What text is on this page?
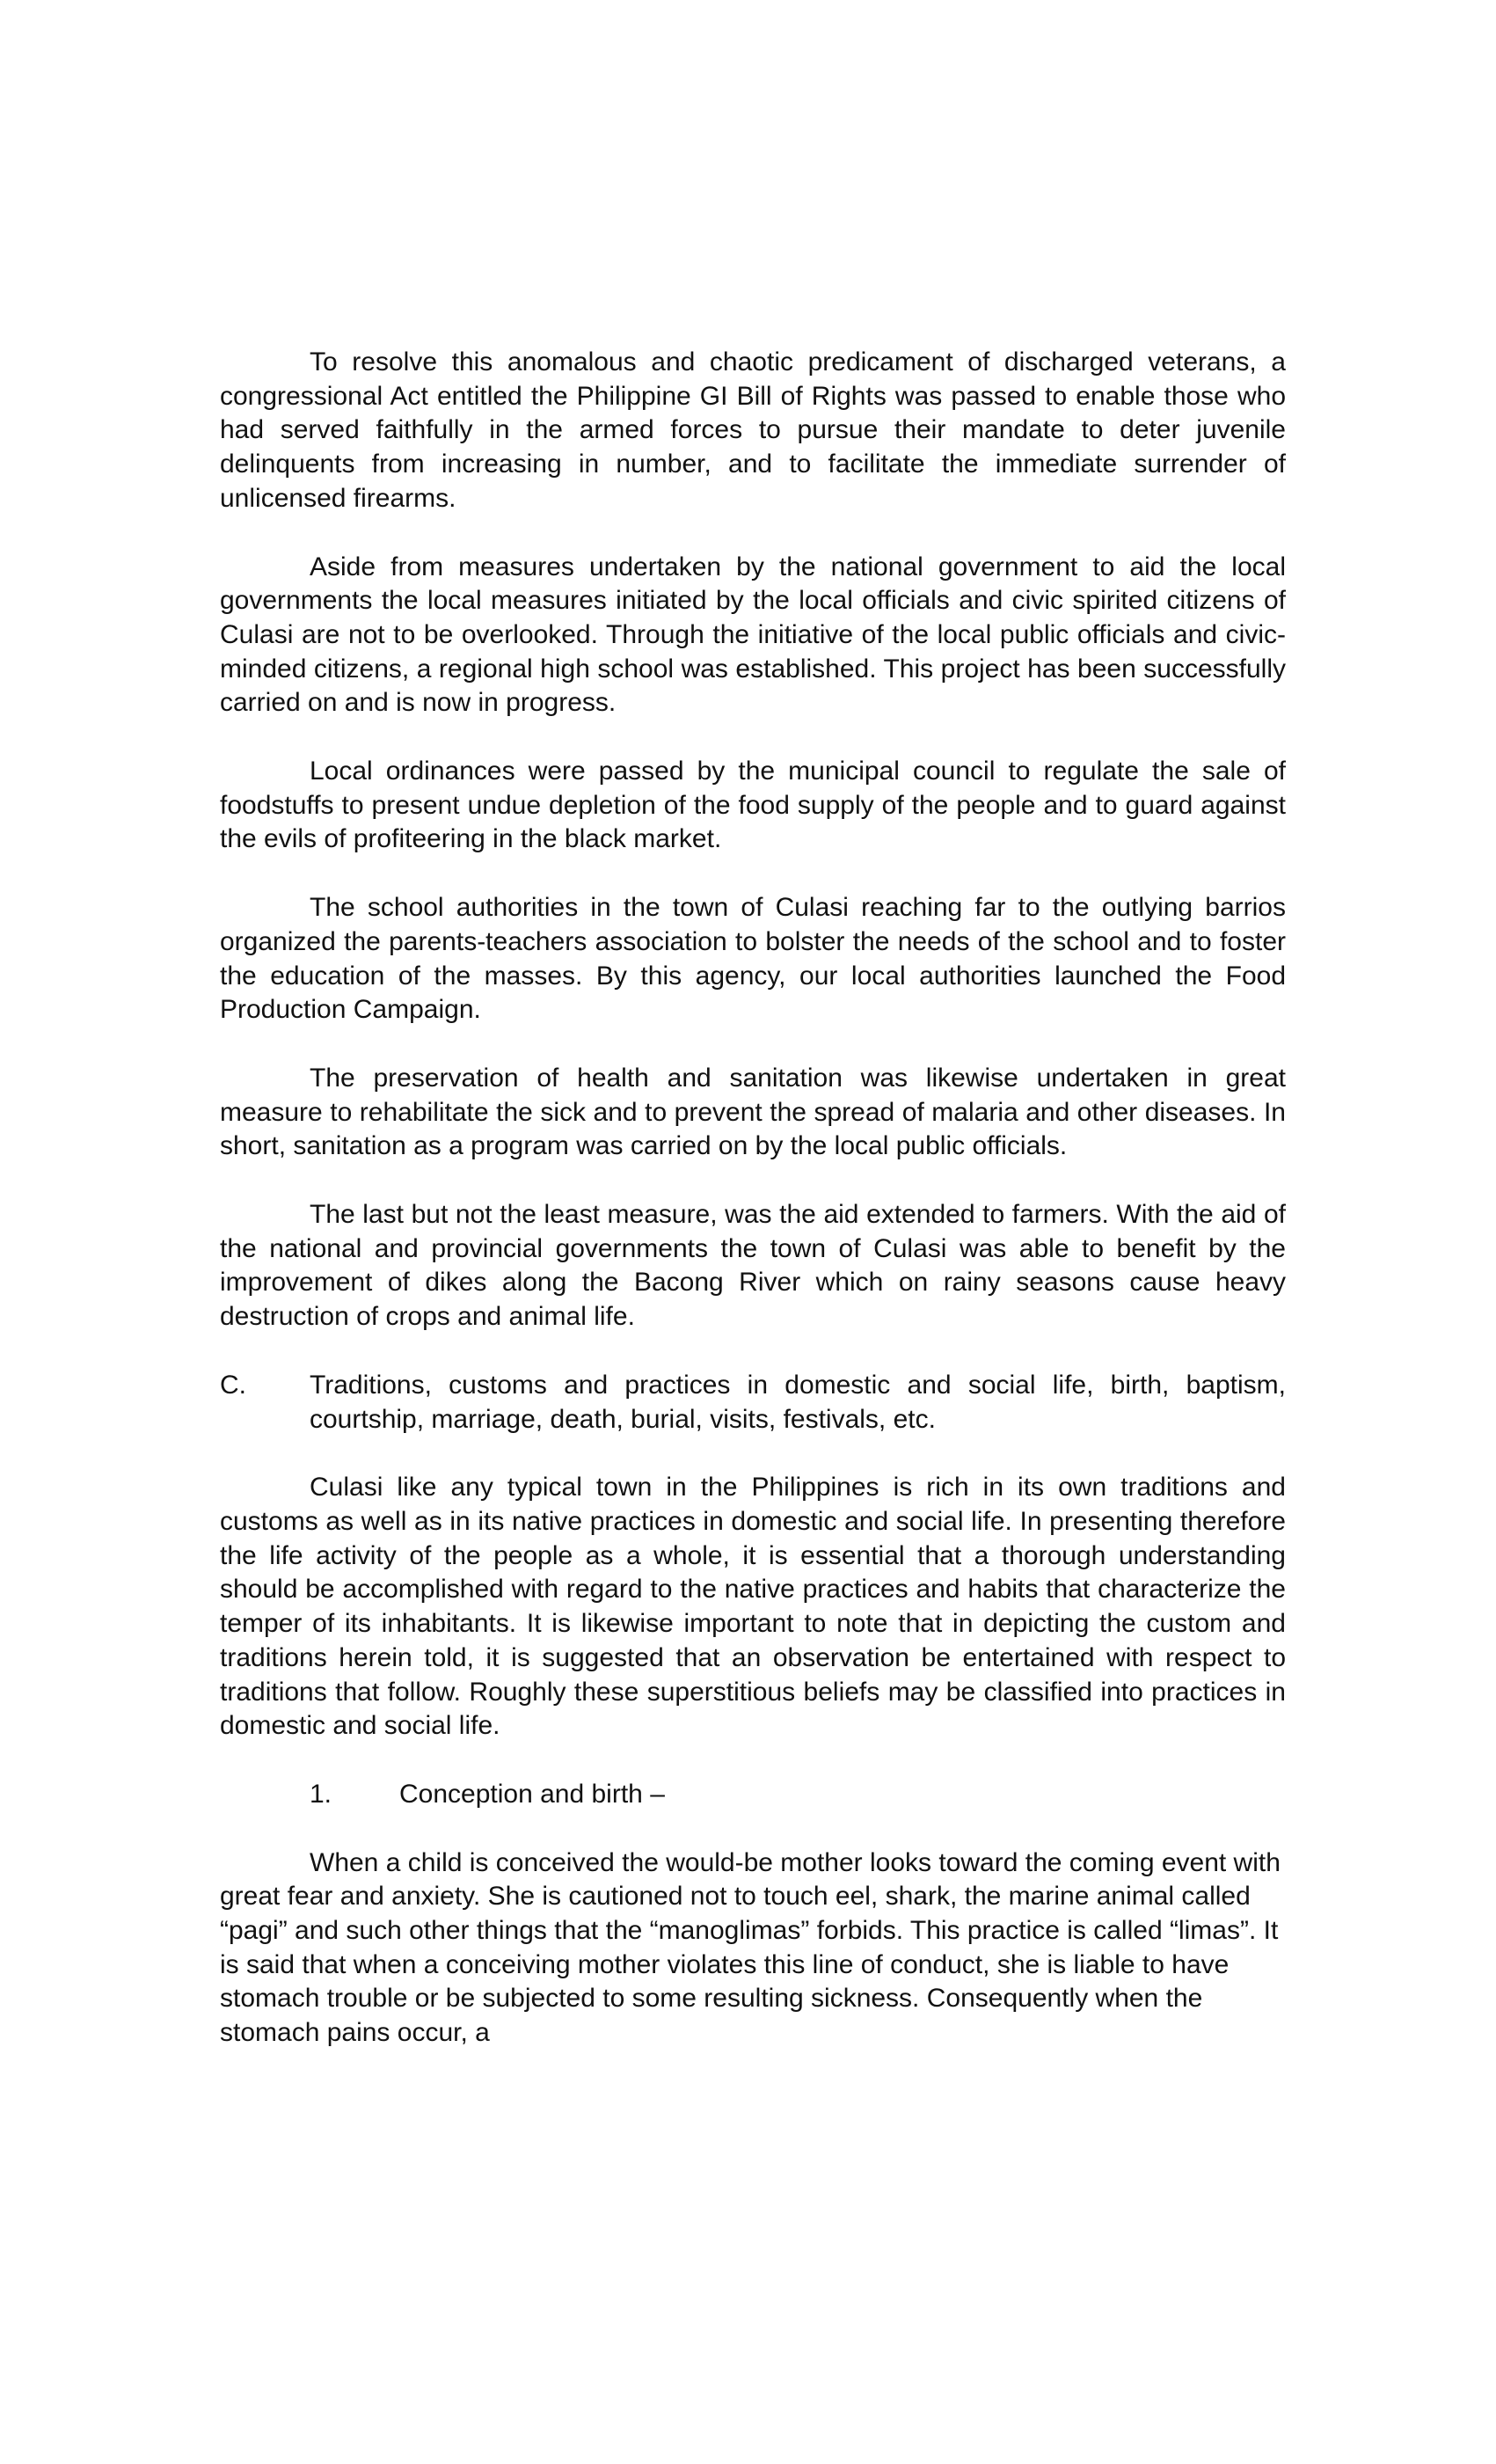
To resolve this anomalous and chaotic predicament of discharged veterans, a congressional Act entitled the Philippine GI Bill of Rights was passed to enable those who had served faithfully in the armed forces to pursue their mandate to deter juvenile delinquents from increasing in number, and to facilitate the immediate surrender of unlicensed firearms.

Aside from measures undertaken by the national government to aid the local governments the local measures initiated by the local officials and civic spirited citizens of Culasi are not to be overlooked. Through the initiative of the local public officials and civic-minded citizens, a regional high school was established. This project has been successfully carried on and is now in progress.

Local ordinances were passed by the municipal council to regulate the sale of foodstuffs to present undue depletion of the food supply of the people and to guard against the evils of profiteering in the black market.

The school authorities in the town of Culasi reaching far to the outlying barrios organized the parents-teachers association to bolster the needs of the school and to foster the education of the masses. By this agency, our local authorities launched the Food Production Campaign.

The preservation of health and sanitation was likewise undertaken in great measure to rehabilitate the sick and to prevent the spread of malaria and other diseases. In short, sanitation as a program was carried on by the local public officials.

The last but not the least measure, was the aid extended to farmers. With the aid of the national and provincial governments the town of Culasi was able to benefit by the improvement of dikes along the Bacong River which on rainy seasons cause heavy destruction of crops and animal life.

C.	Traditions, customs and practices in domestic and social life, birth, baptism, courtship, marriage, death, burial, visits, festivals, etc.

Culasi like any typical town in the Philippines is rich in its own traditions and customs as well as in its native practices in domestic and social life. In presenting therefore the life activity of the people as a whole, it is essential that a thorough understanding should be accomplished with regard to the native practices and habits that characterize the temper of its inhabitants. It is likewise important to note that in depicting the custom and traditions herein told, it is suggested that an observation be entertained with respect to traditions that follow. Roughly these superstitious beliefs may be classified into practices in domestic and social life.

1.	Conception and birth –

When a child is conceived the would-be mother looks toward the coming event with great fear and anxiety. She is cautioned not to touch eel, shark, the marine animal called “pagi” and such other things that the “manoglimas” forbids. This practice is called “limas”. It is said that when a conceiving mother violates this line of conduct, she is liable to have stomach trouble or be subjected to some resulting sickness. Consequently when the stomach pains occur, a
